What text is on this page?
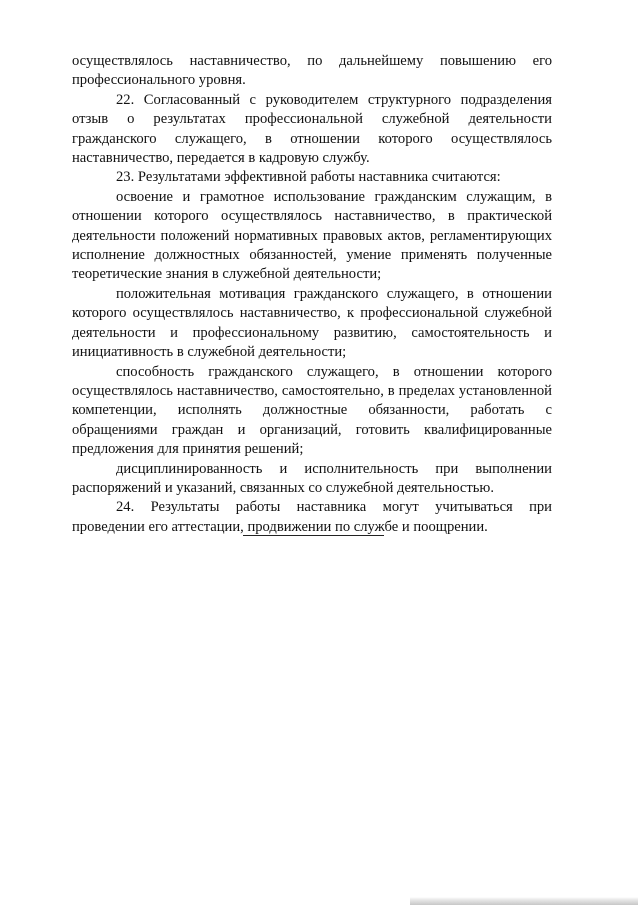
осуществлялось наставничество, по дальнейшему повышению его профессионального уровня.

22. Согласованный с руководителем структурного подразделения отзыв о результатах профессиональной служебной деятельности гражданского служащего, в отношении которого осуществлялось наставничество, передается в кадровую службу.

23. Результатами эффективной работы наставника считаются:

освоение и грамотное использование гражданским служащим, в отношении которого осуществлялось наставничество, в практической деятельности положений нормативных правовых актов, регламентирующих исполнение должностных обязанностей, умение применять полученные теоретические знания в служебной деятельности;

положительная мотивация гражданского служащего, в отношении которого осуществлялось наставничество, к профессиональной служебной деятельности и профессиональному развитию, самостоятельность и инициативность в служебной деятельности;

способность гражданского служащего, в отношении которого осуществлялось наставничество, самостоятельно, в пределах установленной компетенции, исполнять должностные обязанности, работать с обращениями граждан и организаций, готовить квалифицированные предложения для принятия решений;

дисциплинированность и исполнительность при выполнении распоряжений и указаний, связанных со служебной деятельностью.

24. Результаты работы наставника могут учитываться при проведении его аттестации, продвижении по службе и поощрении.
